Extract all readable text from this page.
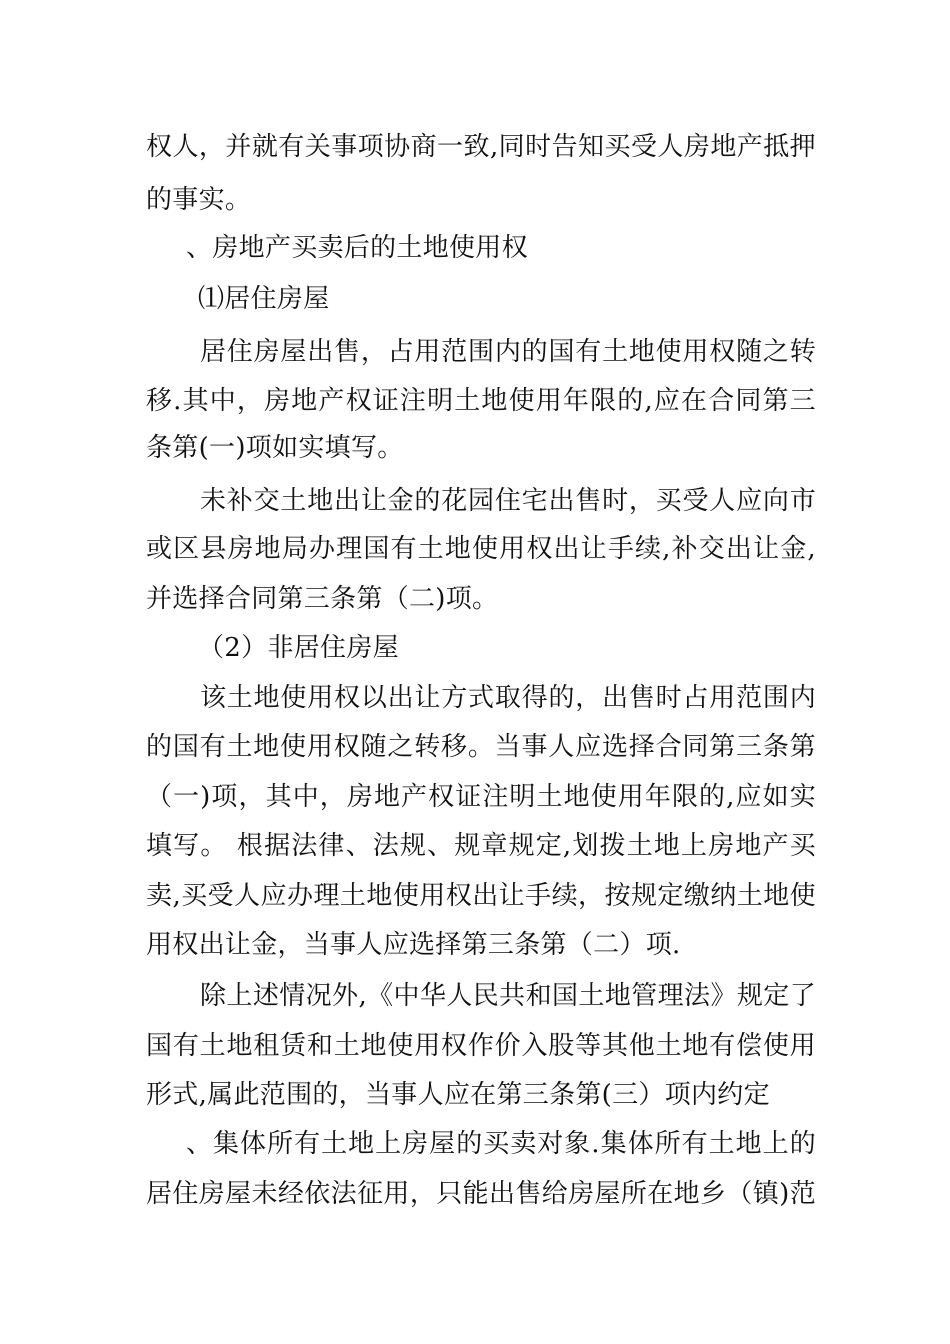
权人，并就有关事项协商一致,同时告知买受人房地产抵押
的事实。
、房地产买卖后的土地使用权
⑴居住房屋
居住房屋出售，占用范围内的国有土地使用权随之转
移.其中，房地产权证注明土地使用年限的,应在合同第三
条第(一)项如实填写。
未补交土地出让金的花园住宅出售时，买受人应向市
或区县房地局办理国有土地使用权出让手续,补交出让金,
并选择合同第三条第（二)项。
（2）非居住房屋
该土地使用权以出让方式取得的，出售时占用范围内
的国有土地使用权随之转移。当事人应选择合同第三条第
（一)项，其中，房地产权证注明土地使用年限的,应如实
填写。 根据法律、法规、规章规定,划拨土地上房地产买
卖,买受人应办理土地使用权出让手续，按规定缴纳土地使
用权出让金，当事人应选择第三条第（二）项.
除上述情况外,《中华人民共和国土地管理法》规定了
国有土地租赁和土地使用权作价入股等其他土地有偿使用
形式,属此范围的，当事人应在第三条第(三）项内约定
、集体所有土地上房屋的买卖对象.集体所有土地上的
居住房屋未经依法征用，只能出售给房屋所在地乡（镇)范
